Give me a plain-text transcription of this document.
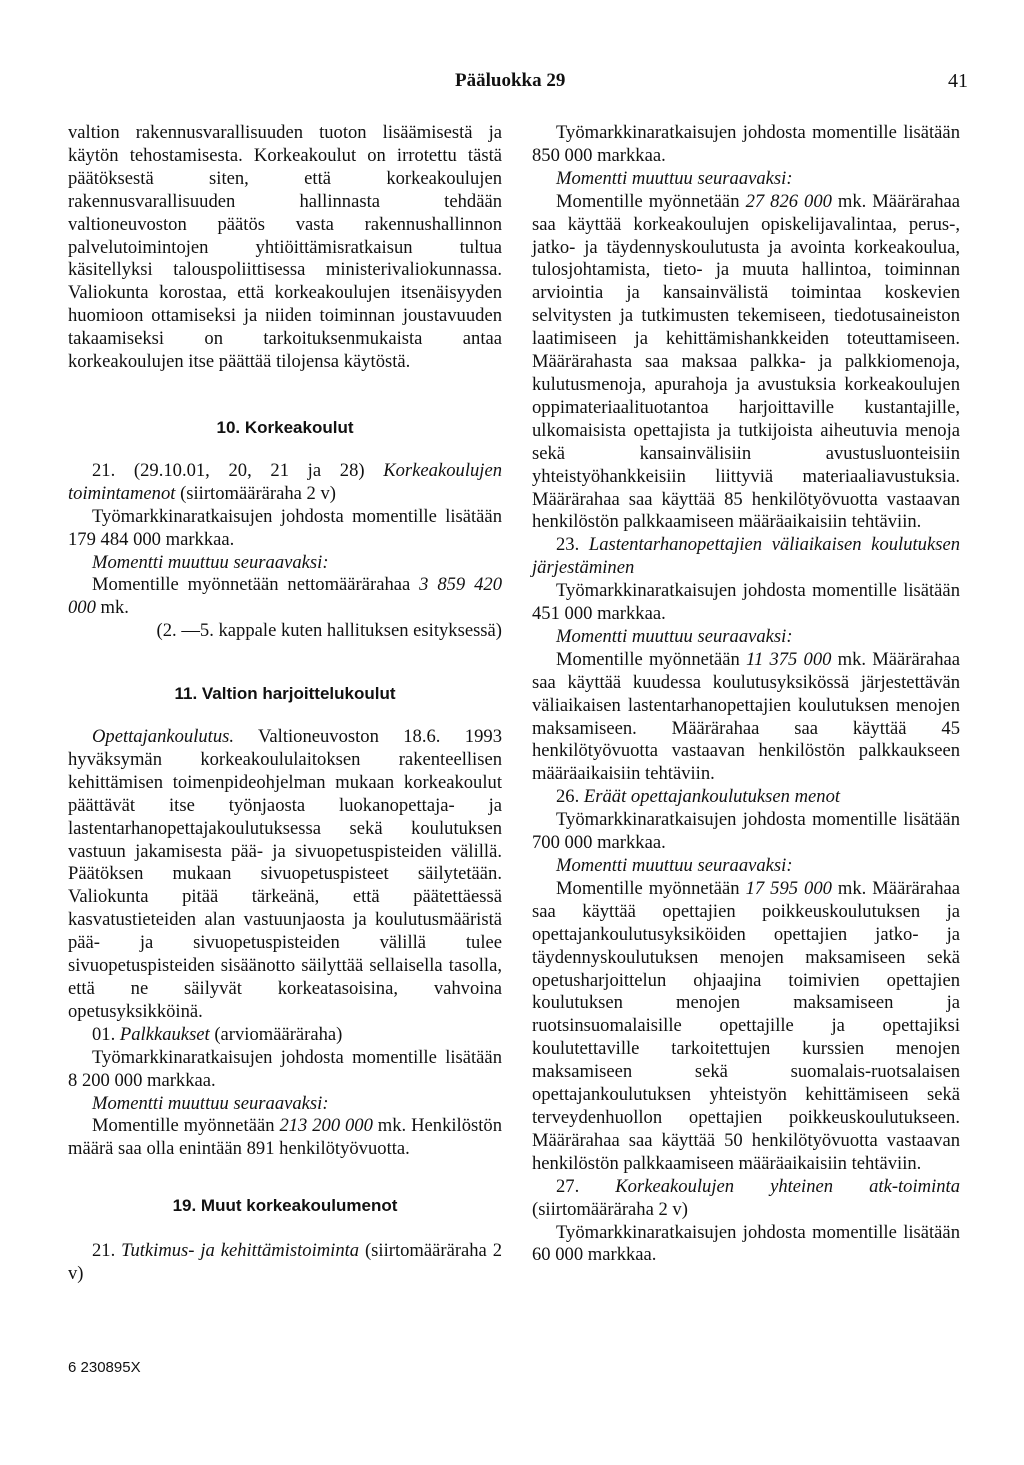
Pääluokka 29	41

valtion rakennusvarallisuuden tuoton lisäämisestä ja käytön tehostamisesta. Korkeakoulut on irrotettu tästä päätöksestä siten, että korkeakoulujen rakennusvarallisuuden hallinnasta tehdään valtioneuvoston päätös vasta rakennushallinnon palvelutoimintojen yhtiöittämisratkaisun tultua käsitellyksi talouspoliittisessa ministerivaliokunnassa. Valiokunta korostaa, että korkeakoulujen itsenäisyyden huomioon ottamiseksi ja niiden toiminnan joustavuuden takaamiseksi on tarkoituksenmukaista antaa korkeakoulujen itse päättää tilojensa käytöstä.

10. Korkeakoulut

21. (29.10.01, 20, 21 ja 28) Korkeakoulujen toimintamenot (siirtomääräraha 2 v)

Työmarkkinaratkaisujen johdosta momentille lisätään 179 484 000 markkaa.

Momentti muuttuu seuraavaksi:

Momentille myönnetään nettomäärärahaa 3 859 420 000 mk.

(2. —5. kappale kuten hallituksen esityksessä)

11. Valtion harjoittelukoulut

Opettajankoulutus. Valtioneuvoston 18.6. 1993 hyväksymän korkeakoululaitoksen rakenteellisen kehittämisen toimenpideohjelman mukaan korkeakoulut päättävät itse työnjaosta luokanopettaja- ja lastentarhanopettajakoulutuksessa sekä koulutuksen vastuun jakamisesta pää- ja sivuopetuspisteiden välillä. Päätöksen mukaan sivuopetuspisteet säilytetään. Valiokunta pitää tärkeänä, että päätettäessä kasvatustieteiden alan vastuunjaosta ja koulutusmääristä pää- ja sivuopetuspisteiden välillä tulee sivuopetuspisteiden sisäänotto säilyttää sellaisella tasolla, että ne säilyvät korkeatasoisina, vahvoina opetusyksikköinä.

01. Palkkaukset (arviomääräraha)

Työmarkkinaratkaisujen johdosta momentille lisätään 8 200 000 markkaa.

Momentti muuttuu seuraavaksi:

Momentille myönnetään 213 200 000 mk. Henkilöstön määrä saa olla enintään 891 henkilötyövuotta.

19. Muut korkeakoulumenot

21. Tutkimus- ja kehittämistoiminta (siirtomääräraha 2 v)

Työmarkkinaratkaisujen johdosta momentille lisätään 850 000 markkaa.

Momentti muuttuu seuraavaksi:

Momentille myönnetään 27 826 000 mk. Määrärahaa saa käyttää korkeakoulujen opiskelijavalintaa, perus-, jatko- ja täydennyskoulutusta ja avointa korkeakoulua, tulosjohtamista, tieto- ja muuta hallintoa, toiminnan arviointia ja kansainvälistä toimintaa koskevien selvitysten ja tutkimusten tekemiseen, tiedotusaineiston laatimiseen ja kehittämishankkeiden toteuttamiseen. Määrärahasta saa maksaa palkka- ja palkkiomenoja, kulutusmenoja, apurahoja ja avustuksia korkeakoulujen oppimateriaalituotantoa harjoittaville kustantajille, ulkomaisista opettajista ja tutkijoista aiheutuvia menoja sekä kansainvälisiin avustusluonteisiin yhteistyöhankkeisiin liittyviä materiaaliavustuksia. Määrärahaa saa käyttää 85 henkilötyövuotta vastaavan henkilöstön palkkaamiseen määräaikaisiin tehtäviin.

23. Lastentarhanopettajien väliaikaisen koulutuksen järjestäminen

Työmarkkinaratkaisujen johdosta momentille lisätään 451 000 markkaa.

Momentti muuttuu seuraavaksi:

Momentille myönnetään 11 375 000 mk. Määrärahaa saa käyttää kuudessa koulutusyksikössä järjestettävän väliaikaisen lastentarhanopettajien koulutuksen menojen maksamiseen. Määrärahaa saa käyttää 45 henkilötyövuotta vastaavan henkilöstön palkkaukseen määräaikaisiin tehtäviin.

26. Eräät opettajankoulutuksen menot

Työmarkkinaratkaisujen johdosta momentille lisätään 700 000 markkaa.

Momentti muuttuu seuraavaksi:

Momentille myönnetään 17 595 000 mk. Määrärahaa saa käyttää opettajien poikkeuskoulutuksen ja opettajankoulutusyksiköiden opettajien jatko- ja täydennyskoulutuksen menojen maksamiseen sekä opetusharjoittelun ohjaajina toimivien opettajien koulutuksen menojen maksamiseen ja ruotsinsuomalaisille opettajille ja opettajiksi koulutettaville tarkoitettujen kurssien menojen maksamiseen sekä suomalais-ruotsalaisen opettajankoulutuksen yhteistyön kehittämiseen sekä terveydenhuollon opettajien poikkeuskoulutukseen. Määrärahaa saa käyttää 50 henkilötyövuotta vastaavan henkilöstön palkkaamiseen määräaikaisiin tehtäviin.

27. Korkeakoulujen yhteinen atk-toiminta (siirtomääräraha 2 v)

Työmarkkinaratkaisujen johdosta momentille lisätään 60 000 markkaa.

6 230895X
